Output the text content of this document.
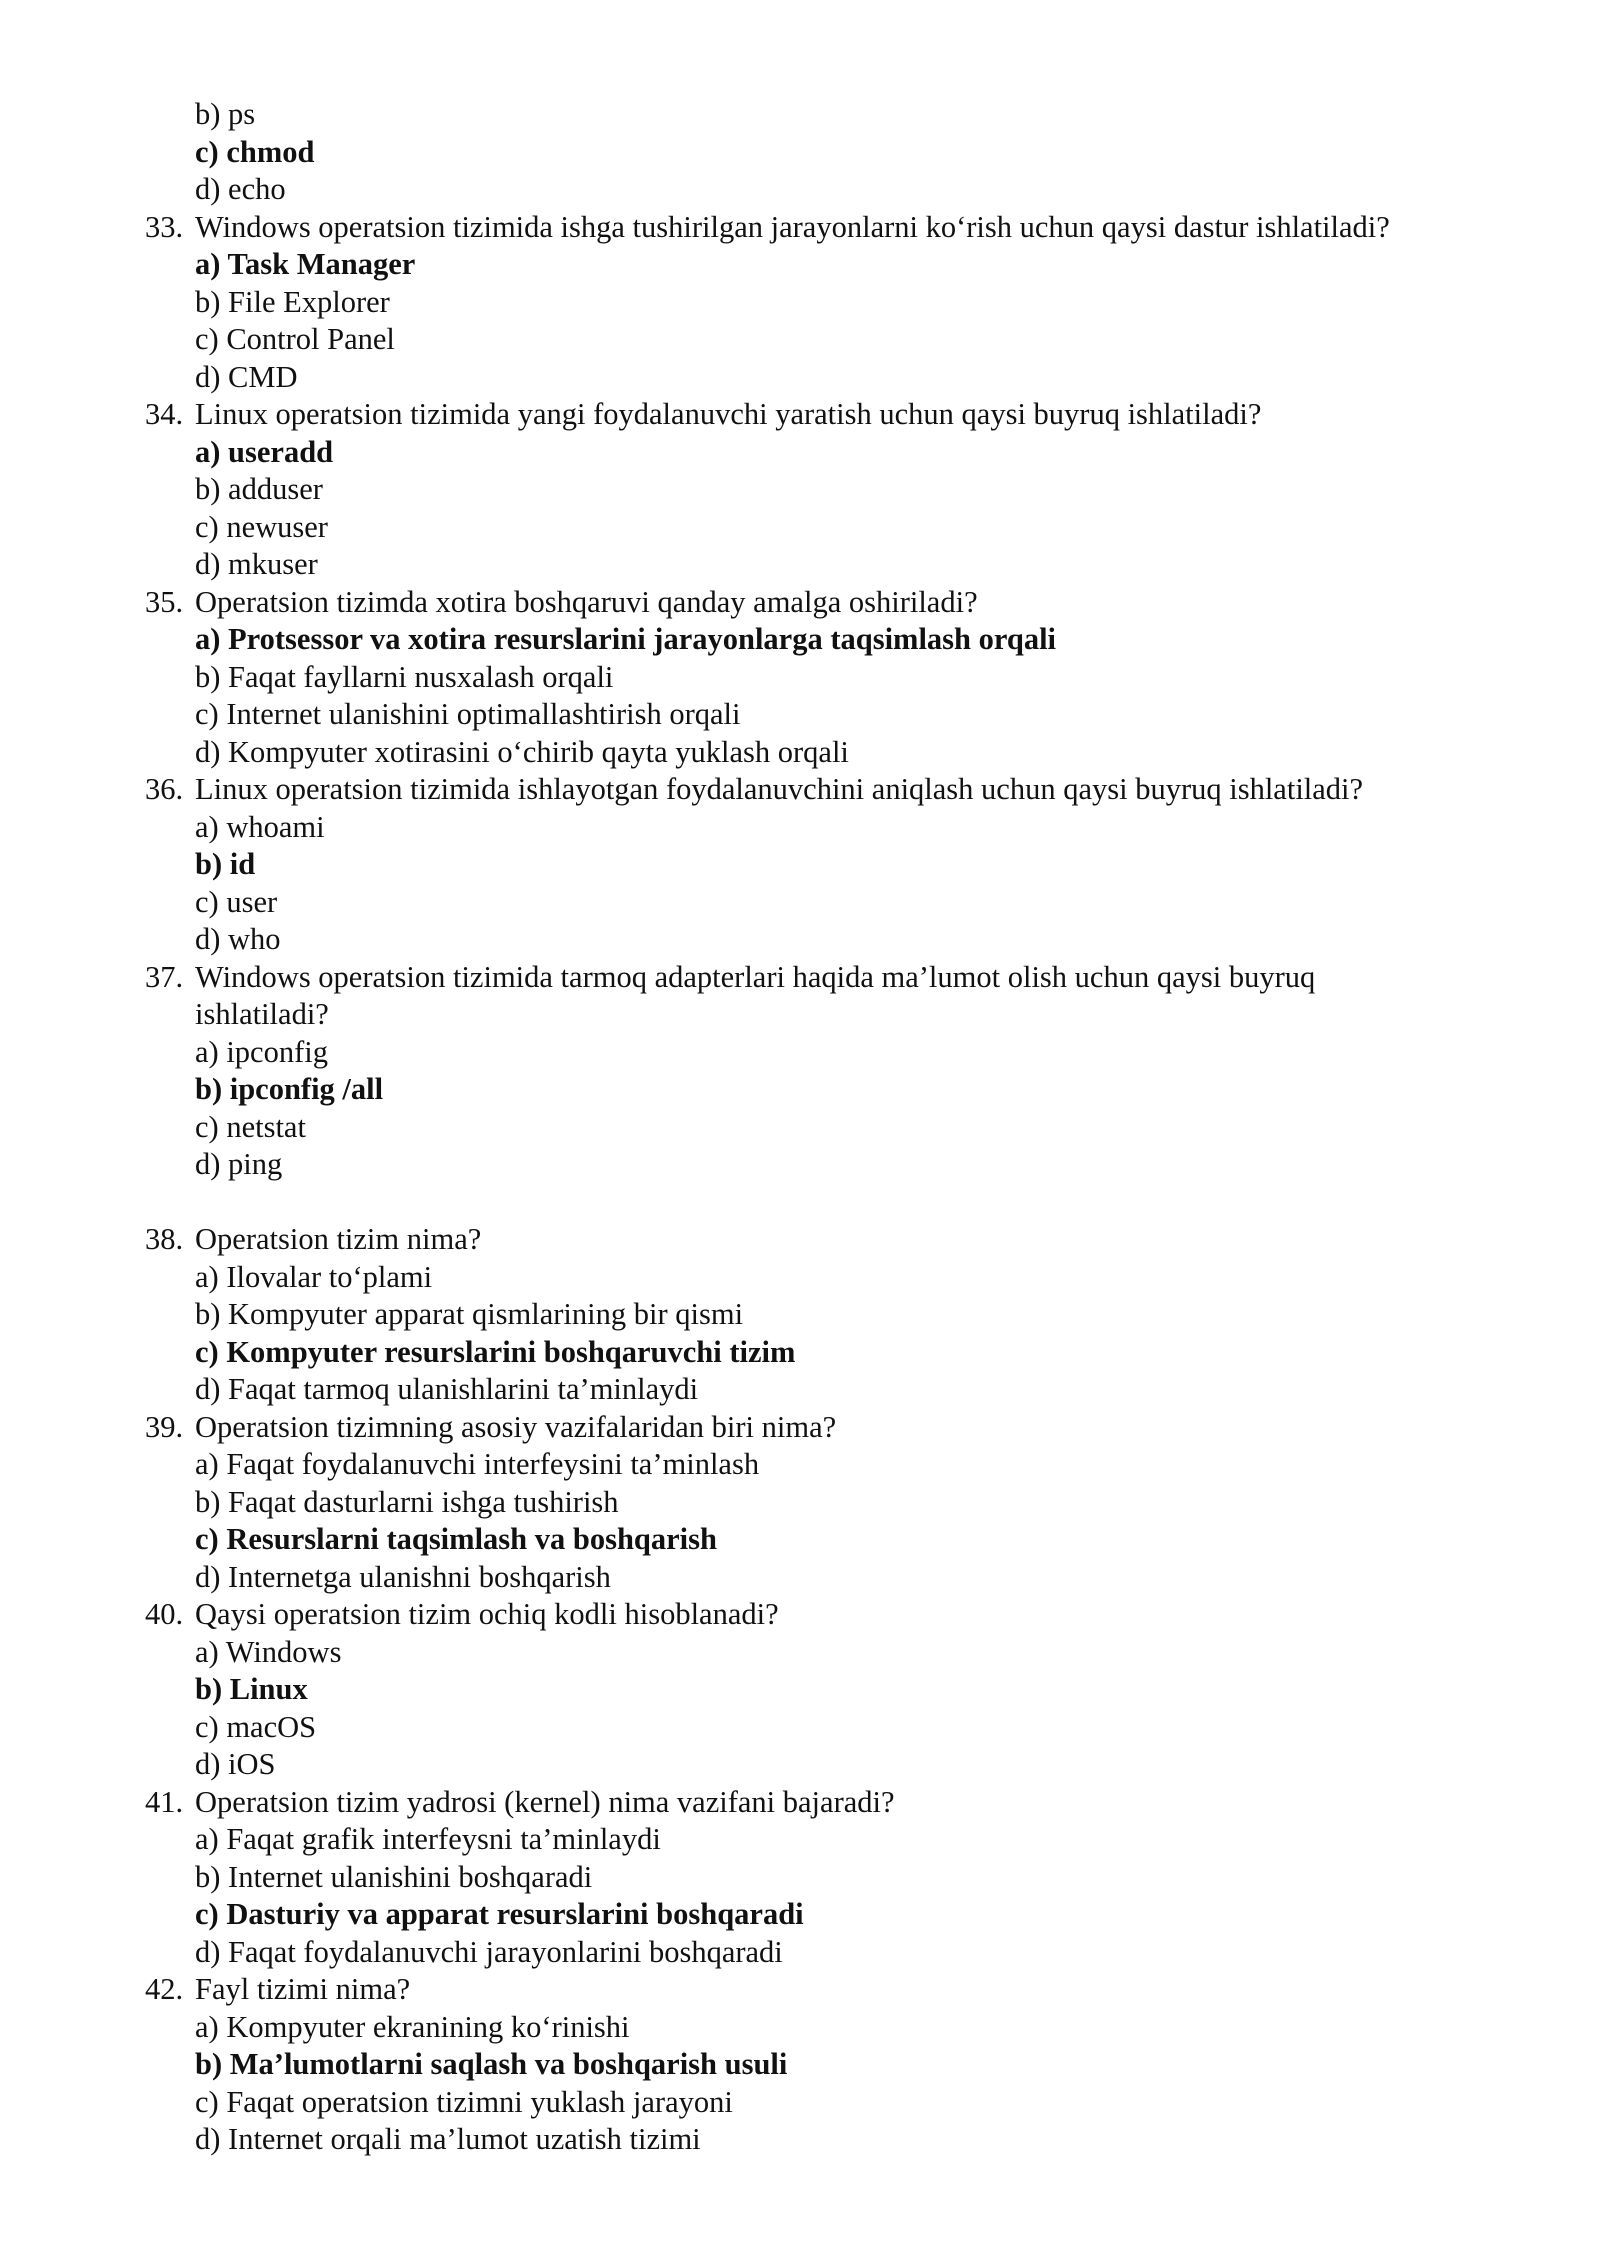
b) ps
c) chmod
d) echo
33. Windows operatsion tizimida ishga tushirilgan jarayonlarni ko‘rish uchun qaysi dastur ishlatiladi?
a) Task Manager
b) File Explorer
c) Control Panel
d) CMD
34. Linux operatsion tizimida yangi foydalanuvchi yaratish uchun qaysi buyruq ishlatiladi?
a) useradd
b) adduser
c) newuser
d) mkuser
35. Operatsion tizimda xotira boshqaruvi qanday amalga oshiriladi?
a) Protsessor va xotira resurslarini jarayonlarga taqsimlash orqali
b) Faqat fayllarni nusxalash orqali
c) Internet ulanishini optimallashtirish orqali
d) Kompyuter xotirasini o‘chirib qayta yuklash orqali
36. Linux operatsion tizimida ishlayotgan foydalanuvchini aniqlash uchun qaysi buyruq ishlatiladi?
a) whoami
b) id
c) user
d) who
37. Windows operatsion tizimida tarmoq adapterlari haqida ma’lumot olish uchun qaysi buyruq ishlatiladi?
a) ipconfig
b) ipconfig /all
c) netstat
d) ping
38. Operatsion tizim nima?
a) Ilovalar to‘plami
b) Kompyuter apparat qismlarining bir qismi
c) Kompyuter resurslarini boshqaruvchi tizim
d) Faqat tarmoq ulanishlarini ta’minlaydi
39. Operatsion tizimning asosiy vazifalaridan biri nima?
a) Faqat foydalanuvchi interfeysini ta’minlash
b) Faqat dasturlarni ishga tushirish
c) Resurslarni taqsimlash va boshqarish
d) Internetga ulanishni boshqarish
40. Qaysi operatsion tizim ochiq kodli hisoblanadi?
a) Windows
b) Linux
c) macOS
d) iOS
41. Operatsion tizim yadrosi (kernel) nima vazifani bajaradi?
a) Faqat grafik interfeysni ta’minlaydi
b) Internet ulanishini boshqaradi
c) Dasturiy va apparat resurslarini boshqaradi
d) Faqat foydalanuvchi jarayonlarini boshqaradi
42. Fayl tizimi nima?
a) Kompyuter ekranining ko‘rinishi
b) Ma’lumotlarni saqlash va boshqarish usuli
c) Faqat operatsion tizimni yuklash jarayoni
d) Internet orqali ma’lumot uzatish tizimi
